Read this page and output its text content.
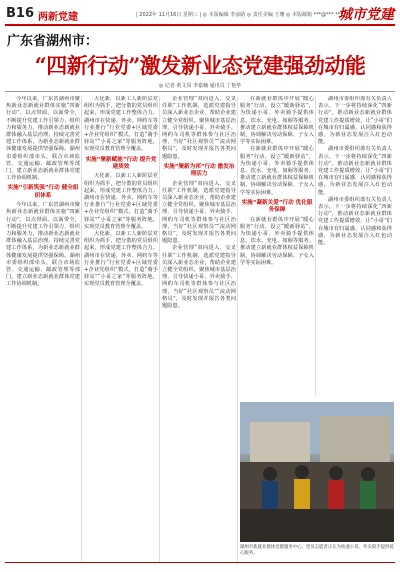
B16 两新党建	| 2022年 11月16日 星期三 | ◎ 本版编辑 李前路 ◎ 责任美编 王珊 ◎ 本版邮箱 ***@***.***
城市党建
广东省湖州市：
“四新行动”激发新业态党建强劲动能
◎ 记者 黄文岗 李嘉楠 通讯员 丁艳华

今年以来，广东省湖州市聚焦新业态新就业群体实施“四新行动”，以点带面、以面带全，不断提升党建工作引领力、组织力和服务力，推动新业态新就业群体融入基层治理，持续完善党建工作体系，为新业态新就业群体健康发展提供坚强保障。湖州市委组织部牵头，联合市场监管、交通运输、邮政管理等部门，建立新业态新就业群体党建工作协调机制。

实施“引新筑强”行动 健全组织体系

今年以来，广东省湖州市聚焦新业态新就业群体实施“四新行动”，以点带面、以面带全，不断提升党建工作引领力、组织力和服务力，推动新业态新就业群体融入基层治理，持续完善党建工作体系，为新业态新就业群体健康发展提供坚强保障。湖州市委组织部牵头，联合市场监管、交通运输、邮政管理等部门，建立新业态新就业群体党建工作协调机制。

大化新，以新工人新阶层党组织为抓手，把分散的党员组织起来，形成党建工作整体合力。湖州市在快递、外卖、网约车等行业推行“行业党委+区域党委+企业党组织”模式，打造“骑手驿站”“小哥之家”等服务阵地，实现党员教育管理全覆盖。

实施“聚新赋能”行动 提升党建质效

大化新，以新工人新阶层党组织为抓手，把分散的党员组织起来，形成党建工作整体合力。湖州市在快递、外卖、网约车等行业推行“行业党委+区域党委+企业党组织”模式，打造“骑手驿站”“小哥之家”等服务阵地，实现党员教育管理全覆盖。

大化新，以新工人新阶层党组织为抓手，把分散的党员组织起来，形成党建工作整体合力。湖州市在快递、外卖、网约车等行业推行“行业党委+区域党委+企业党组织”模式，打造“骑手驿站”“小哥之家”等服务阵地，实现党员教育管理全覆盖。

企业管理“双向进入、交叉任职”工作机制，选派党建指导员深入新业态企业，帮助企业建立健全党组织。聚焦城市基层治理，引导快递小哥、外卖骑手、网约车司机等群体参与社区治理，当好“社区观察员”“流动网格员”，及时发现并报告各类问题隐患。

实施“聚新为邦”行动 激发治理活力

企业管理“双向进入、交叉任职”工作机制，选派党建指导员深入新业态企业，帮助企业建立健全党组织。聚焦城市基层治理，引导快递小哥、外卖骑手、网约车司机等群体参与社区治理，当好“社区观察员”“流动网格员”，及时发现并报告各类问题隐患。

企业管理“双向进入、交叉任职”工作机制，选派党建指导员深入新业态企业，帮助企业建立健全党组织。聚焦城市基层治理，引导快递小哥、外卖骑手、网约车司机等群体参与社区治理，当好“社区观察员”“流动网格员”，及时发现并报告各类问题隐患。

在新就业群体中开展“暖心服务”行动，设立“暖新驿站”，为快递小哥、外卖骑手提供休息、饮水、充电、如厕等服务。推动建立新就业群体权益保障机制，协调解决劳动保障、子女入学等实际困难。

在新就业群体中开展“暖心服务”行动，设立“暖新驿站”，为快递小哥、外卖骑手提供休息、饮水、充电、如厕等服务。推动建立新就业群体权益保障机制，协调解决劳动保障、子女入学等实际困难。

实施“凝新关爱”行动 优化服务保障

在新就业群体中开展“暖心服务”行动，设立“暖新驿站”，为快递小哥、外卖骑手提供休息、饮水、充电、如厕等服务。推动建立新就业群体权益保障机制，协调解决劳动保障、子女入学等实际困难。

湖州市委组织部有关负责人表示，下一步将持续深化“四新行动”，推动新业态新就业群体党建工作提质增效，让“小哥”们在城市有归属感、认同感和获得感，为新业态发展注入红色动能。

湖州市委组织部有关负责人表示，下一步将持续深化“四新行动”，推动新业态新就业群体党建工作提质增效，让“小哥”们在城市有归属感、认同感和获得感，为新业态发展注入红色动能。

湖州市委组织部有关负责人表示，下一步将持续深化“四新行动”，推动新业态新就业群体党建工作提质增效，让“小哥”们在城市有归属感、认同感和获得感，为新业态发展注入红色动能。

湖州市新就业群体党群服务中心，党员志愿者正在为快递小哥、外卖骑手提供爱心服务。
